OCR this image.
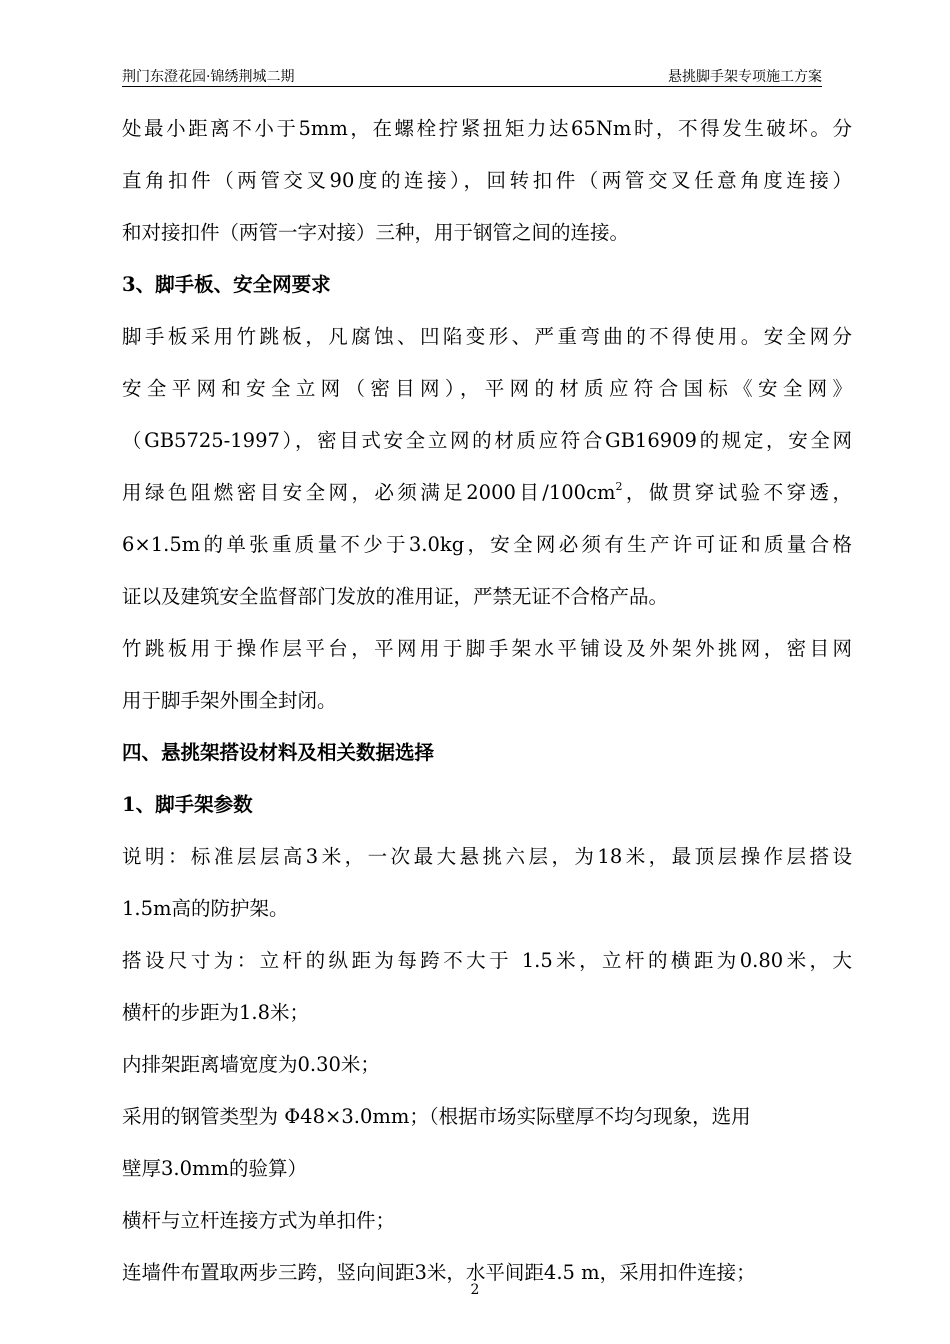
荆门东澄花园·锦绣荆城二期	悬挑脚手架专项施工方案
处最小距离不小于5mm，在螺栓拧紧扭矩力达65Nm时，不得发生破坏。分
直角扣件（两管交叉90度的连接），回转扣件（两管交叉任意角度连接）
和对接扣件（两管一字对接）三种，用于钢管之间的连接。
3、脚手板、安全网要求
脚手板采用竹跳板，凡腐蚀、凹陷变形、严重弯曲的不得使用。安全网分
安全平网和安全立网（密目网），平网的材质应符合国标《安全网》
（GB5725-1997），密目式安全立网的材质应符合GB16909的规定，安全网
用绿色阻燃密目安全网，必须满足2000目$/100cm^2$，做贯穿试验不穿透，
6×1.5m的单张重质量不少于3.0kg，安全网必须有生产许可证和质量合格
证以及建筑安全监督部门发放的准用证，严禁无证不合格产品。
竹跳板用于操作层平台，平网用于脚手架水平铺设及外架外挑网，密目网
用于脚手架外围全封闭。
四、悬挑架搭设材料及相关数据选择
1、脚手架参数
说明：标准层层高3米，一次最大悬挑六层，为18米，最顶层操作层搭设
1.5m高的防护架。
搭设尺寸为：立杆的纵距为每跨不大于 1.5米，立杆的横距为0.80米，大
横杆的步距为1.8米；
内排架距离墙宽度为0.30米；
采用的钢管类型为 Φ48×3.0mm；（根据市场实际壁厚不均匀现象，选用
壁厚3.0mm的验算）
横杆与立杆连接方式为单扣件；
连墙件布置取两步三跨，竖向间距3米，水平间距4.5 m，采用扣件连接；
2
